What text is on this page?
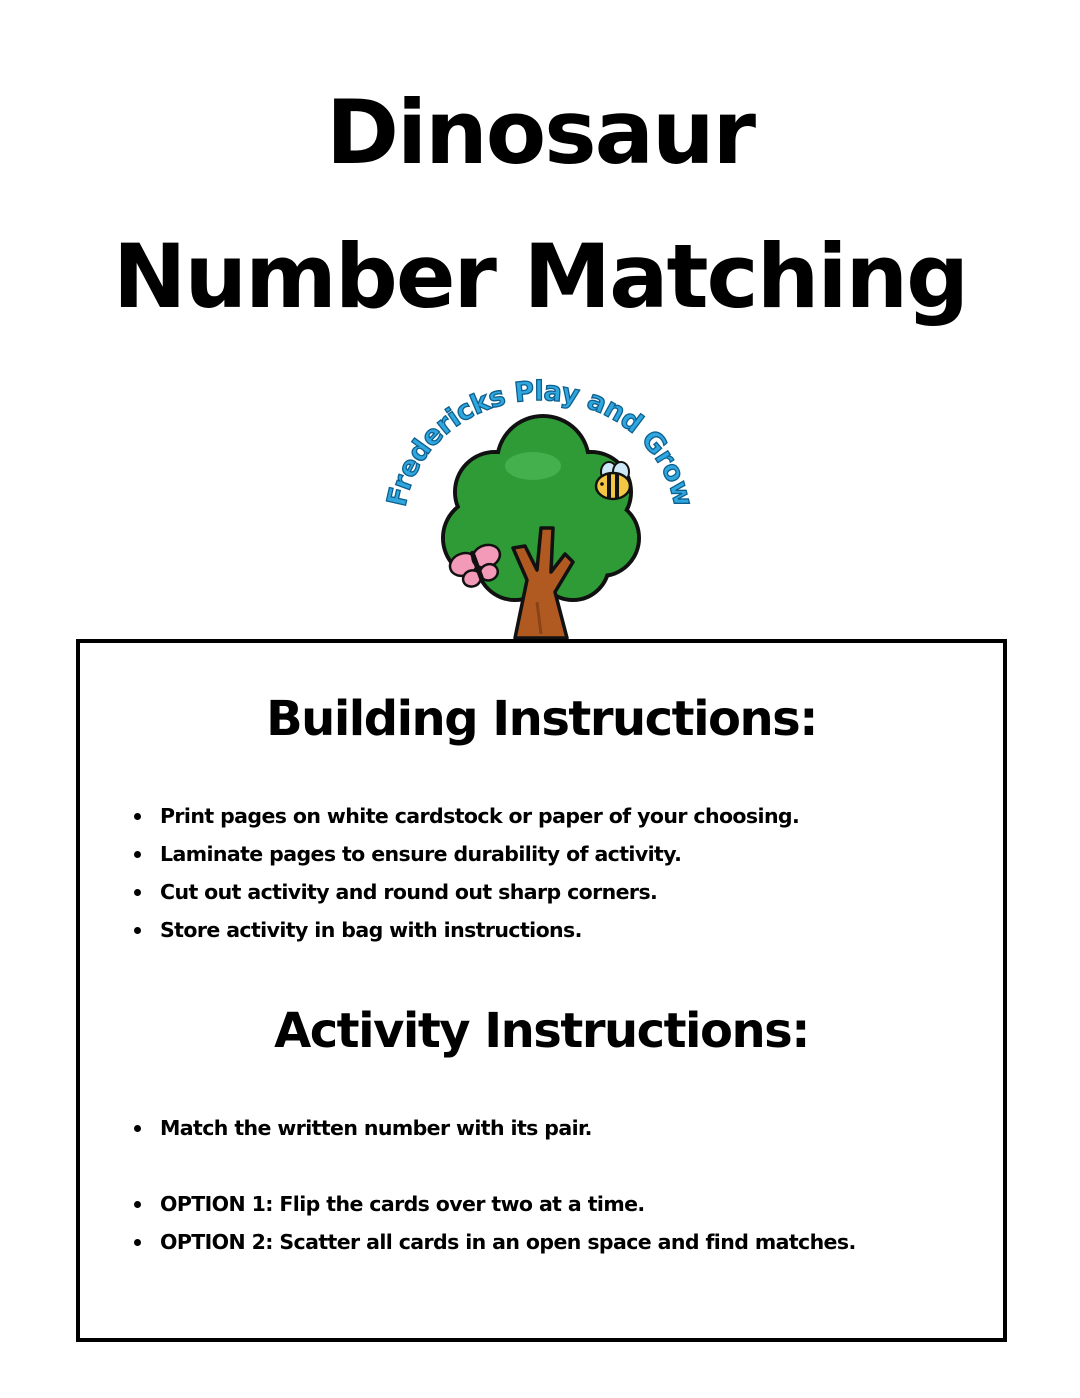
Dinosaur
Number Matching
Fredericks Play and Grow
Building Instructions:
Print pages on white cardstock or paper of your choosing.
Laminate pages to ensure durability of activity.
Cut out activity and round out sharp corners.
Store activity in bag with instructions.
Activity Instructions:
Match the written number with its pair.
OPTION 1: Flip the cards over two at a time.
OPTION 2: Scatter all cards in an open space and find matches.
